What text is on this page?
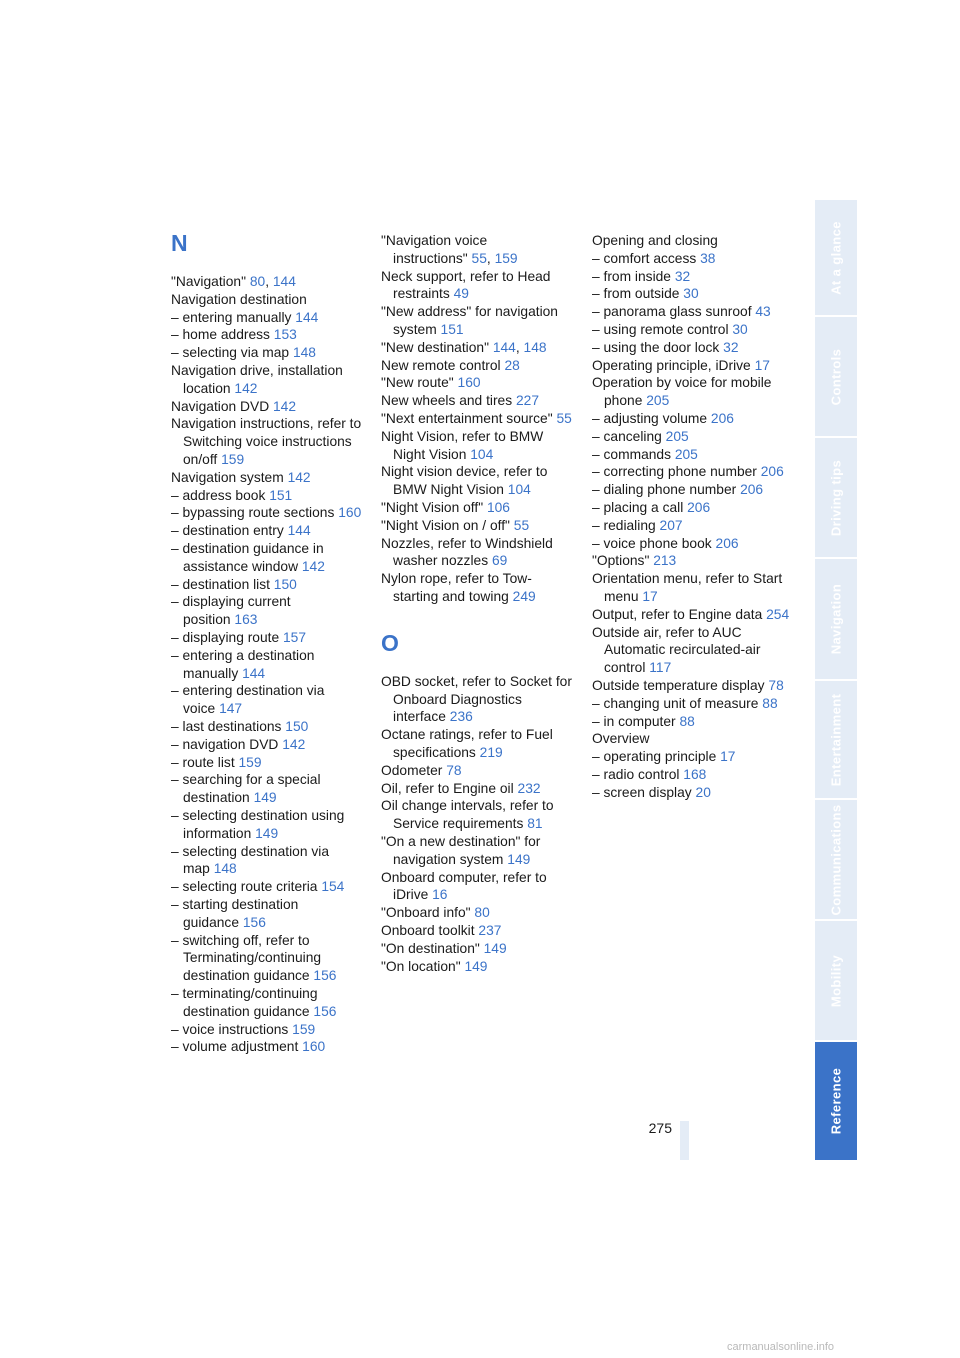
N
"Navigation" 80, 144
Navigation destination
– entering manually 144
– home address 153
– selecting via map 148
Navigation drive, installation location 142
Navigation DVD 142
Navigation instructions, refer to Switching voice instructions on/off 159
Navigation system 142
– address book 151
– bypassing route sections 160
– destination entry 144
– destination guidance in assistance window 142
– destination list 150
– displaying current position 163
– displaying route 157
– entering a destination manually 144
– entering destination via voice 147
– last destinations 150
– navigation DVD 142
– route list 159
– searching for a special destination 149
– selecting destination using information 149
– selecting destination via map 148
– selecting route criteria 154
– starting destination guidance 156
– switching off, refer to Terminating/continuing destination guidance 156
– terminating/continuing destination guidance 156
– voice instructions 159
– volume adjustment 160
"Navigation voice instructions" 55, 159
Neck support, refer to Head restraints 49
"New address" for navigation system 151
"New destination" 144, 148
New remote control 28
"New route" 160
New wheels and tires 227
"Next entertainment source" 55
Night Vision, refer to BMW Night Vision 104
Night vision device, refer to BMW Night Vision 104
"Night Vision off" 106
"Night Vision on / off" 55
Nozzles, refer to Windshield washer nozzles 69
Nylon rope, refer to Tow-starting and towing 249
O
OBD socket, refer to Socket for Onboard Diagnostics interface 236
Octane ratings, refer to Fuel specifications 219
Odometer 78
Oil, refer to Engine oil 232
Oil change intervals, refer to Service requirements 81
"On a new destination" for navigation system 149
Onboard computer, refer to iDrive 16
"Onboard info" 80
Onboard toolkit 237
"On destination" 149
"On location" 149
Opening and closing
– comfort access 38
– from inside 32
– from outside 30
– panorama glass sunroof 43
– using remote control 30
– using the door lock 32
Operating principle, iDrive 17
Operation by voice for mobile phone 205
– adjusting volume 206
– canceling 205
– commands 205
– correcting phone number 206
– dialing phone number 206
– placing a call 206
– redialing 207
– voice phone book 206
"Options" 213
Orientation menu, refer to Start menu 17
Output, refer to Engine data 254
Outside air, refer to AUC Automatic recirculated-air control 117
Outside temperature display 78
– changing unit of measure 88
– in computer 88
Overview
– operating principle 17
– radio control 168
– screen display 20
At a glance
Controls
Driving tips
Navigation
Entertainment
Communications
Mobility
Reference
275
carmanualsonline.info
